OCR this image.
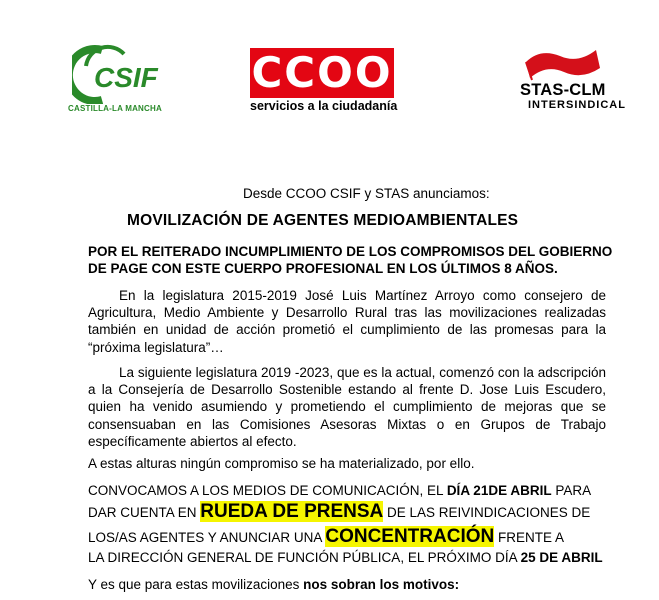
CSIF
CASTILLA-LA MANCHA
CCOO
servicios a la ciudadanía
STAS-CLM
INTERSINDICAL
Desde CCOO CSIF y STAS anunciamos:
MOVILIZACIÓN DE AGENTES MEDIOAMBIENTALES
POR EL REITERADO INCUMPLIMIENTO DE LOS COMPROMISOS DEL GOBIERNO
DE PAGE CON ESTE CUERPO PROFESIONAL EN LOS ÚLTIMOS 8 AÑOS.
En la legislatura 2015-2019 José Luis Martínez Arroyo como consejero de Agricultura, Medio Ambiente y Desarrollo Rural tras las movilizaciones realizadas también en unidad de acción prometió el cumplimiento de las promesas para la “próxima legislatura”…
La siguiente legislatura 2019 -2023, que es la actual, comenzó con la adscripción a la Consejería de Desarrollo Sostenible estando al frente D. Jose Luis Escudero, quien ha venido asumiendo y prometiendo el cumplimiento de mejoras que se consensuaban en las Comisiones Asesoras Mixtas o en Grupos de Trabajo específicamente abiertos al efecto.
A estas alturas ningún compromiso se ha materializado, por ello.
CONVOCAMOS A LOS MEDIOS DE COMUNICACIÓN, EL DÍA 21DE ABRIL PARA
DAR CUENTA EN RUEDA DE PRENSA DE LAS REIVINDICACIONES DE
LOS/AS AGENTES Y ANUNCIAR UNA CONCENTRACIÓN FRENTE A
LA DIRECCIÓN GENERAL DE FUNCIÓN PÚBLICA, EL PRÓXIMO DÍA 25 DE ABRIL
Y es que para estas movilizaciones nos sobran los motivos:
